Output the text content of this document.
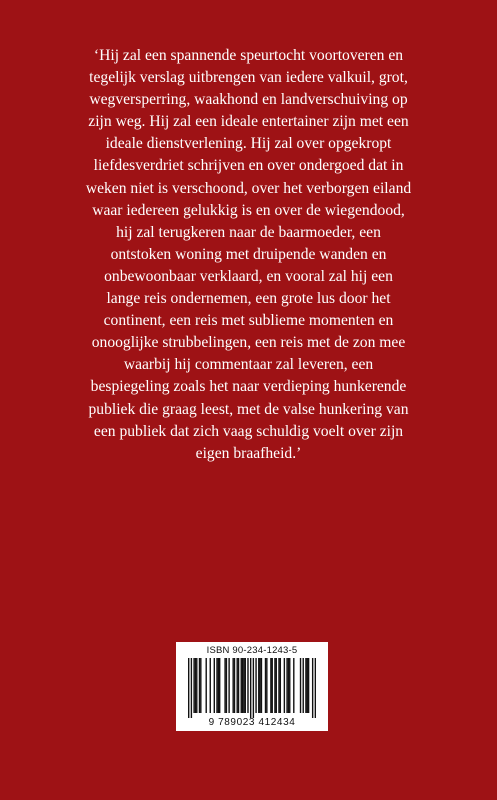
‘Hij zal een spannende speurtocht voortoveren en
tegelijk verslag uitbrengen van iedere valkuil, grot,
wegversperring, waakhond en landverschuiving op
zijn weg. Hij zal een ideale entertainer zijn met een
ideale dienstverlening. Hij zal over opgekropt
liefdesverdriet schrijven en over ondergoed dat in
weken niet is verschoond, over het verborgen eiland
waar iedereen gelukkig is en over de wiegendood,
hij zal terugkeren naar de baarmoeder, een
ontstoken woning met druipende wanden en
onbewoonbaar verklaard, en vooral zal hij een
lange reis ondernemen, een grote lus door het
continent, een reis met sublieme momenten en
onooglijke strubbelingen, een reis met de zon mee
waarbij hij commentaar zal leveren, een
bespiegeling zoals het naar verdieping hunkerende
publiek die graag leest, met de valse hunkering van
een publiek dat zich vaag schuldig voelt over zijn
eigen braafheid.’

ISBN 90-234-1243-5
9 789023 412434
